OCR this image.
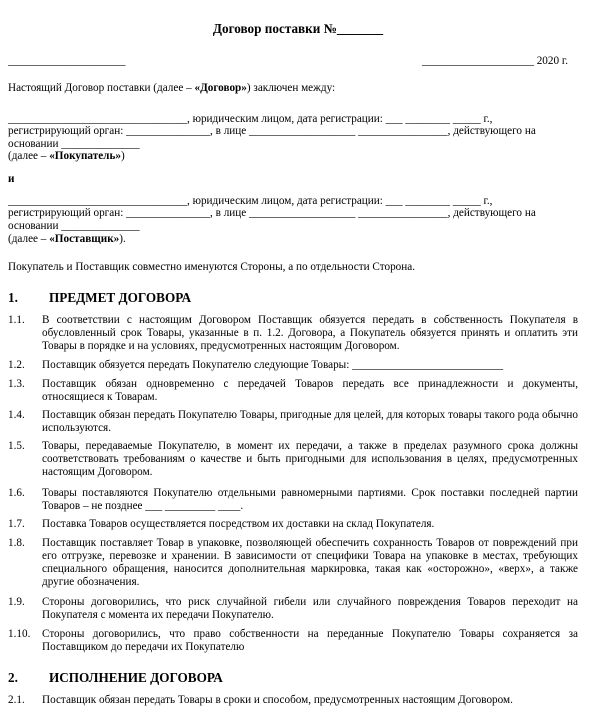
Договор поставки №_______
_____________________	____________________ 2020 г.
Настоящий Договор поставки (далее – «Договор») заключен между:
________________________________, юридическим лицом, дата регистрации: ___ ________ _____ г.,
регистрирующий орган: _______________, в лице ___________________ ________________, действующего на
основании ______________
(далее – «Покупатель»)
и
________________________________, юридическим лицом, дата регистрации: ___ ________ _____ г.,
регистрирующий орган: _______________, в лице ___________________ ________________, действующего на
основании ______________
(далее – «Поставщик»).
Покупатель и Поставщик совместно именуются Стороны, а по отдельности Сторона.
1. ПРЕДМЕТ ДОГОВОРА
1.1. В соответствии с настоящим Договором Поставщик обязуется передать в собственность Покупателя в обусловленный срок Товары, указанные в п. 1.2. Договора, а Покупатель обязуется принять и оплатить эти Товары в порядке и на условиях, предусмотренных настоящим Договором.
1.2. Поставщик обязуется передать Покупателю следующие Товары: ___________________________
1.3. Поставщик обязан одновременно с передачей Товаров передать все принадлежности и документы, относящиеся к Товарам.
1.4. Поставщик обязан передать Покупателю Товары, пригодные для целей, для которых товары такого рода обычно используются.
1.5. Товары, передаваемые Покупателю, в момент их передачи, а также в пределах разумного срока должны соответствовать требованиям о качестве и быть пригодными для использования в целях, предусмотренных настоящим Договором.
1.6. Товары поставляются Покупателю отдельными равномерными партиями. Срок поставки последней партии Товаров – не позднее ___ _________ ____.
1.7. Поставка Товаров осуществляется посредством их доставки на склад Покупателя.
1.8. Поставщик поставляет Товар в упаковке, позволяющей обеспечить сохранность Товаров от повреждений при его отгрузке, перевозке и хранении. В зависимости от специфики Товара на упаковке в местах, требующих специального обращения, наносится дополнительная маркировка, такая как «осторожно», «верх», а также другие обозначения.
1.9. Стороны договорились, что риск случайной гибели или случайного повреждения Товаров переходит на Покупателя с момента их передачи Покупателю.
1.10. Стороны договорились, что право собственности на переданные Покупателю Товары сохраняется за Поставщиком до передачи их Покупателю
2. ИСПОЛНЕНИЕ ДОГОВОРА
2.1. Поставщик обязан передать Товары в сроки и способом, предусмотренных настоящим Договором.
